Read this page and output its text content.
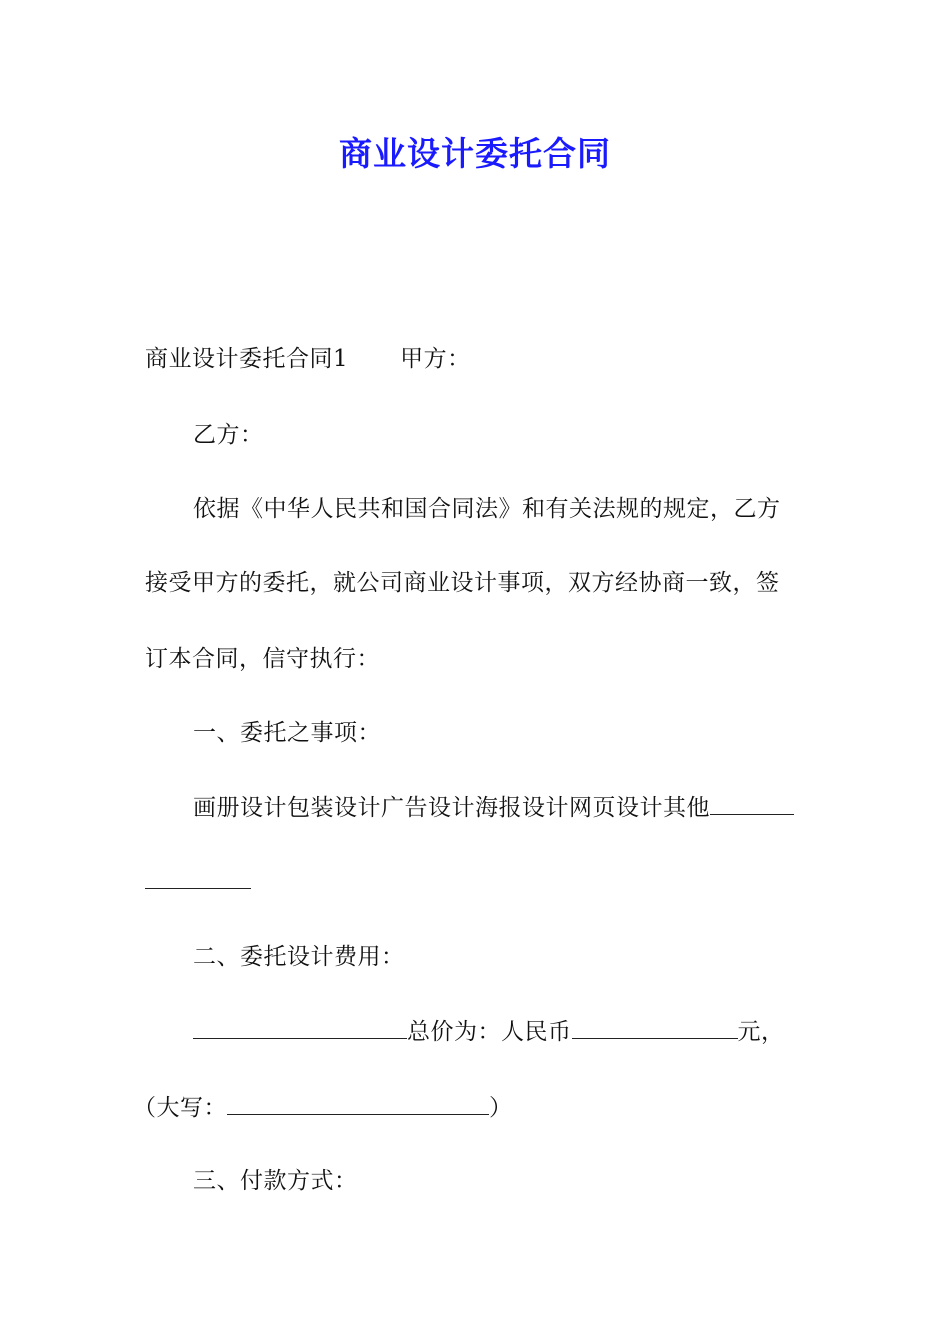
商业设计委托合同
商业设计委托合同1 甲方：
乙方：
依据《中华人民共和国合同法》和有关法规的规定，乙方
接受甲方的委托，就公司商业设计事项，双方经协商一致，签
订本合同，信守执行：
一、委托之事项：
画册设计包装设计广告设计海报设计网页设计其他
二、委托设计费用：
总价为：人民币	元，
（大写：	）
三、付款方式：
